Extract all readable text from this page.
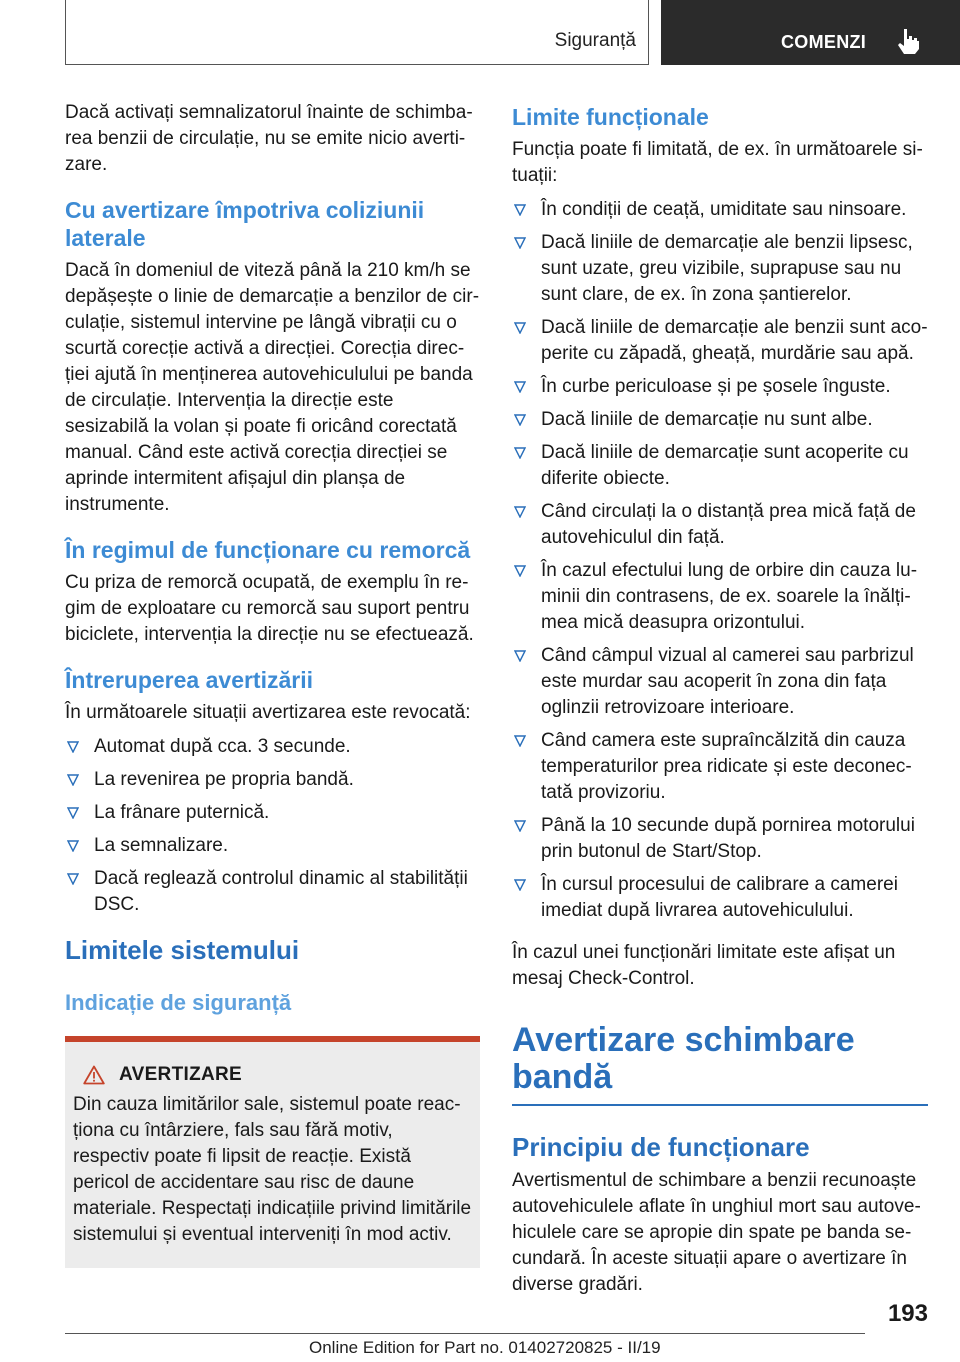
Siguranță	COMENZI

Dacă activați semnalizatorul înainte de schimbarea benzii de circulație, nu se emite nicio avertizare.

Cu avertizare împotriva coliziunii laterale

Dacă în domeniul de viteză până la 210 km/h se depășește o linie de demarcație a benzilor de circulație, sistemul intervine pe lângă vibrații cu o scurtă corecție activă a direcției. Corecția direcției ajută în menținerea autovehiculului pe banda de circulație. Intervenția la direcție este sesizabilă la volan și poate fi oricând corectată manual. Când este activă corecția direcției se aprinde intermitent afișajul din planșa de instrumente.

În regimul de funcționare cu remorcă

Cu priza de remorcă ocupată, de exemplu în regim de exploatare cu remorcă sau suport pentru biciclete, intervenția la direcție nu se efectuează.

Întreruperea avertizării

În următoarele situații avertizarea este revocată:

Automat după cca. 3 secunde.
La revenirea pe propria bandă.
La frânare puternică.
La semnalizare.
Dacă reglează controlul dinamic al stabilității DSC.
Limitele sistemului
Indicație de siguranță
AVERTIZARE

Din cauza limitărilor sale, sistemul poate reacționa cu întârziere, fals sau fără motiv, respectiv poate fi lipsit de reacție. Există pericol de accidentare sau risc de daune materiale. Respectați indicațiile privind limitările sistemului și eventual interveniți în mod activ.

Limite funcționale

Funcția poate fi limitată, de ex. în următoarele situații:

În condiții de ceață, umiditate sau ninsoare.
Dacă liniile de demarcație ale benzii lipsesc, sunt uzate, greu vizibile, suprapuse sau nu sunt clare, de ex. în zona șantierelor.
Dacă liniile de demarcație ale benzii sunt acoperite cu zăpadă, gheață, murdărie sau apă.
În curbe periculoase și pe șosele înguste.
Dacă liniile de demarcație nu sunt albe.
Dacă liniile de demarcație sunt acoperite cu diferite obiecte.
Când circulați la o distanță prea mică față de autovehiculul din față.
În cazul efectului lung de orbire din cauza luminii din contrasens, de ex. soarele la înălțimea mică deasupra orizontului.
Când câmpul vizual al camerei sau parbrizul este murdar sau acoperit în zona din fața oglinzii retrovizoare interioare.
Când camera este supraîncălzită din cauza temperaturilor prea ridicate și este deconectată provizoriu.
Până la 10 secunde după pornirea motorului prin butonul de Start/Stop.
În cursul procesului de calibrare a camerei imediat după livrarea autovehiculului.

În cazul unei funcționări limitate este afișat un mesaj Check-Control.

Avertizare schimbare bandă
Principiu de funcționare

Avertismentul de schimbare a benzii recunoaște autovehiculele aflate în unghiul mort sau autovehiculele care se apropie din spate pe banda secundară. În aceste situații apare o avertizare în diverse gradări.

193
Online Edition for Part no. 01402720825 - II/19
